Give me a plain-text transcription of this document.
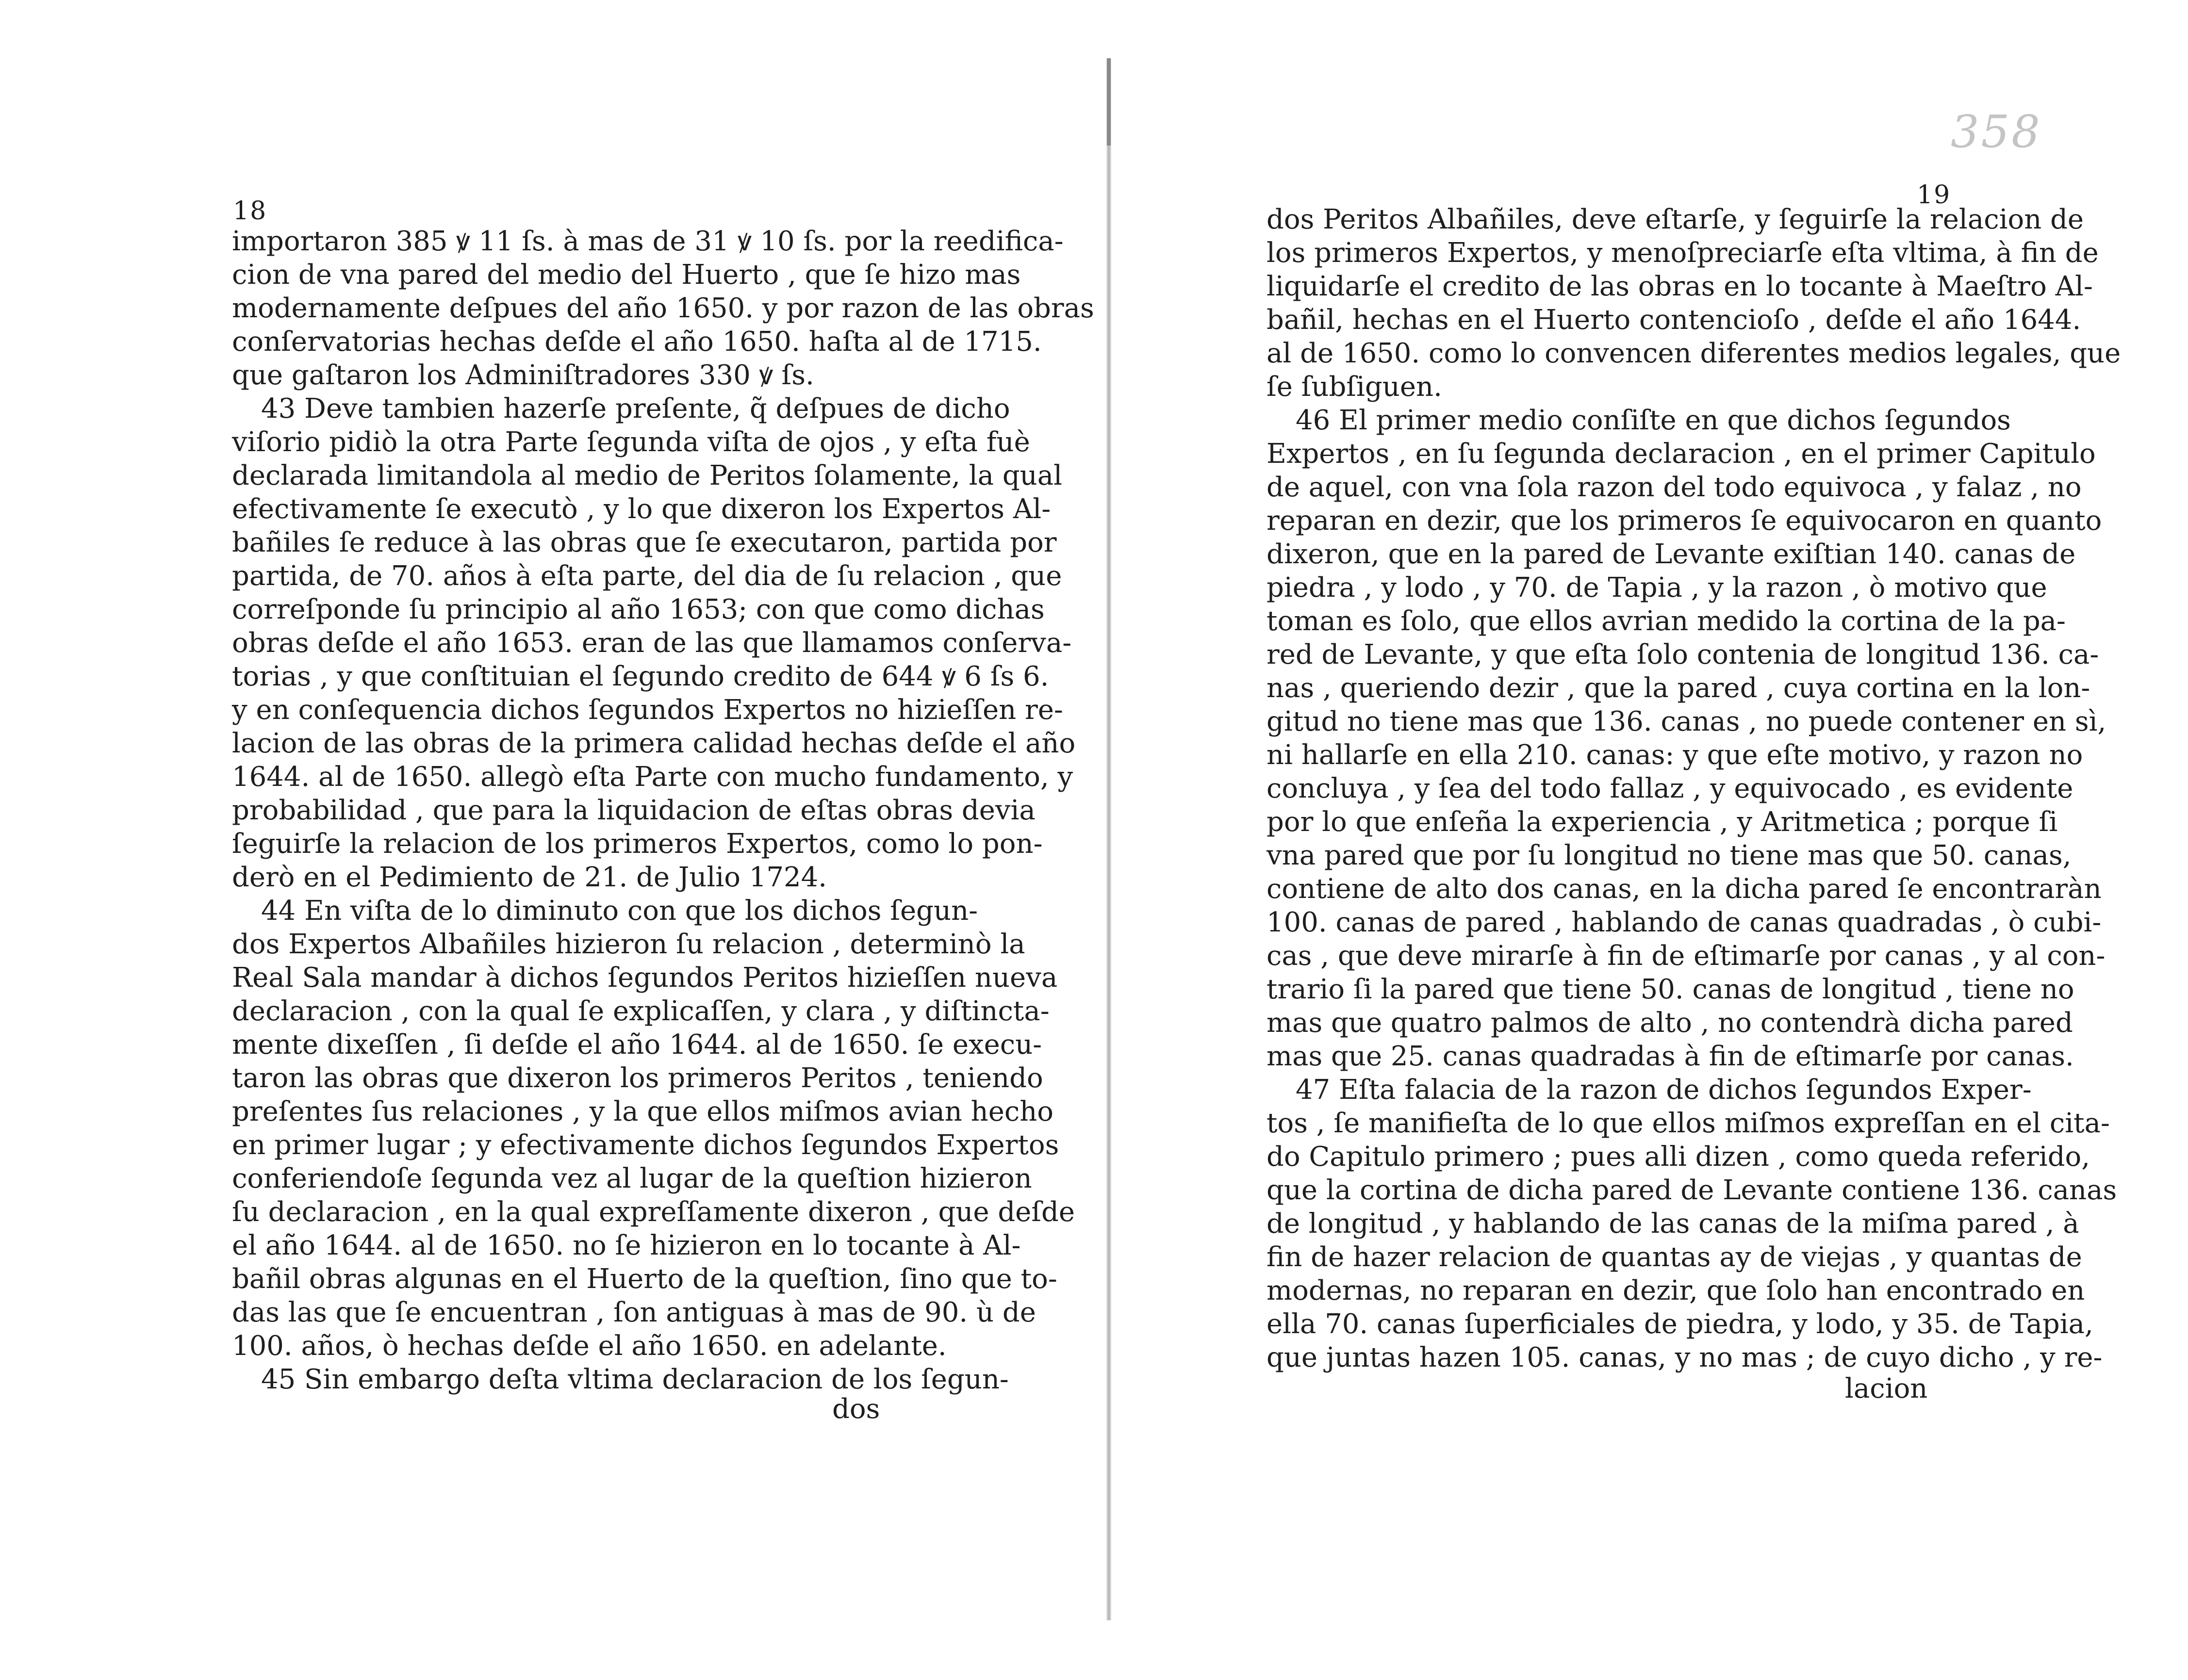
18
importaron 385 ꝟ 11 ſs. à mas de 31 ꝟ 10 ſs. por la reedifica-
cion de vna pared del medio del Huerto , que ſe hizo mas
modernamente deſpues del año 1650. y por razon de las obras
conſervatorias hechas deſde el año 1650. haſta al de 1715.
que gaſtaron los Adminiſtradores 330 ꝟ ſs.
43 Deve tambien hazerſe preſente, q̃ deſpues de dicho
viſorio pidiò la otra Parte ſegunda viſta de ojos , y eſta fuè
declarada limitandola al medio de Peritos ſolamente, la qual
efectivamente ſe executò , y lo que dixeron los Expertos Al-
bañiles ſe reduce à las obras que ſe executaron, partida por
partida, de 70. años à eſta parte, del dia de ſu relacion , que
correſponde ſu principio al año 1653; con que como dichas
obras deſde el año 1653. eran de las que llamamos conſerva-
torias , y que conſtituian el ſegundo credito de 644 ꝟ 6 ſs 6.
y en conſequencia dichos ſegundos Expertos no hizieſſen re-
lacion de las obras de la primera calidad hechas deſde el año
1644. al de 1650. allegò eſta Parte con mucho fundamento, y
probabilidad , que para la liquidacion de eſtas obras devia
ſeguirſe la relacion de los primeros Expertos, como lo pon-
derò en el Pedimiento de 21. de Julio 1724.
44 En viſta de lo diminuto con que los dichos ſegun-
dos Expertos Albañiles hizieron ſu relacion , determinò la
Real Sala mandar à dichos ſegundos Peritos hizieſſen nueva
declaracion , con la qual ſe explicaſſen, y clara , y diſtincta-
mente dixeſſen , ſi deſde el año 1644. al de 1650. ſe execu-
taron las obras que dixeron los primeros Peritos , teniendo
preſentes ſus relaciones , y la que ellos miſmos avian hecho
en primer lugar ; y efectivamente dichos ſegundos Expertos
conferiendoſe ſegunda vez al lugar de la queſtion hizieron
ſu declaracion , en la qual expreſſamente dixeron , que deſde
el año 1644. al de 1650. no ſe hizieron en lo tocante à Al-
bañil obras algunas en el Huerto de la queſtion, ſino que to-
das las que ſe encuentran , ſon antiguas à mas de 90. ù de
100. años, ò hechas deſde el año 1650. en adelante.
45 Sin embargo deſta vltima declaracion de los ſegun-
dos
358
19
dos Peritos Albañiles, deve eſtarſe, y ſeguirſe la relacion de
los primeros Expertos, y menoſpreciarſe eſta vltima, à fin de
liquidarſe el credito de las obras en lo tocante à Maeſtro Al-
bañil, hechas en el Huerto contencioſo , deſde el año 1644.
al de 1650. como lo convencen diferentes medios legales, que
ſe ſubſiguen.
46 El primer medio conſiſte en que dichos ſegundos
Expertos , en ſu ſegunda declaracion , en el primer Capitulo
de aquel, con vna ſola razon del todo equivoca , y falaz , no
reparan en dezir, que los primeros ſe equivocaron en quanto
dixeron, que en la pared de Levante exiſtian 140. canas de
piedra , y lodo , y 70. de Tapia , y la razon , ò motivo que
toman es ſolo, que ellos avrian medido la cortina de la pa-
red de Levante, y que eſta ſolo contenia de longitud 136. ca-
nas , queriendo dezir , que la pared , cuya cortina en la lon-
gitud no tiene mas que 136. canas , no puede contener en sì,
ni hallarſe en ella 210. canas: y que eſte motivo, y razon no
concluya , y ſea del todo fallaz , y equivocado , es evidente
por lo que enſeña la experiencia , y Aritmetica ; porque ſi
vna pared que por ſu longitud no tiene mas que 50. canas,
contiene de alto dos canas, en la dicha pared ſe encontraràn
100. canas de pared , hablando de canas quadradas , ò cubi-
cas , que deve mirarſe à fin de eſtimarſe por canas , y al con-
trario ſi la pared que tiene 50. canas de longitud , tiene no
mas que quatro palmos de alto , no contendrà dicha pared
mas que 25. canas quadradas à fin de eſtimarſe por canas.
47 Eſta falacia de la razon de dichos ſegundos Exper-
tos , ſe manifieſta de lo que ellos miſmos expreſſan en el cita-
do Capitulo primero ; pues alli dizen , como queda referido,
que la cortina de dicha pared de Levante contiene 136. canas
de longitud , y hablando de las canas de la miſma pared , à
fin de hazer relacion de quantas ay de viejas , y quantas de
modernas, no reparan en dezir, que ſolo han encontrado en
ella 70. canas ſuperficiales de piedra, y lodo, y 35. de Tapia,
que juntas hazen 105. canas, y no mas ; de cuyo dicho , y re-
lacion
